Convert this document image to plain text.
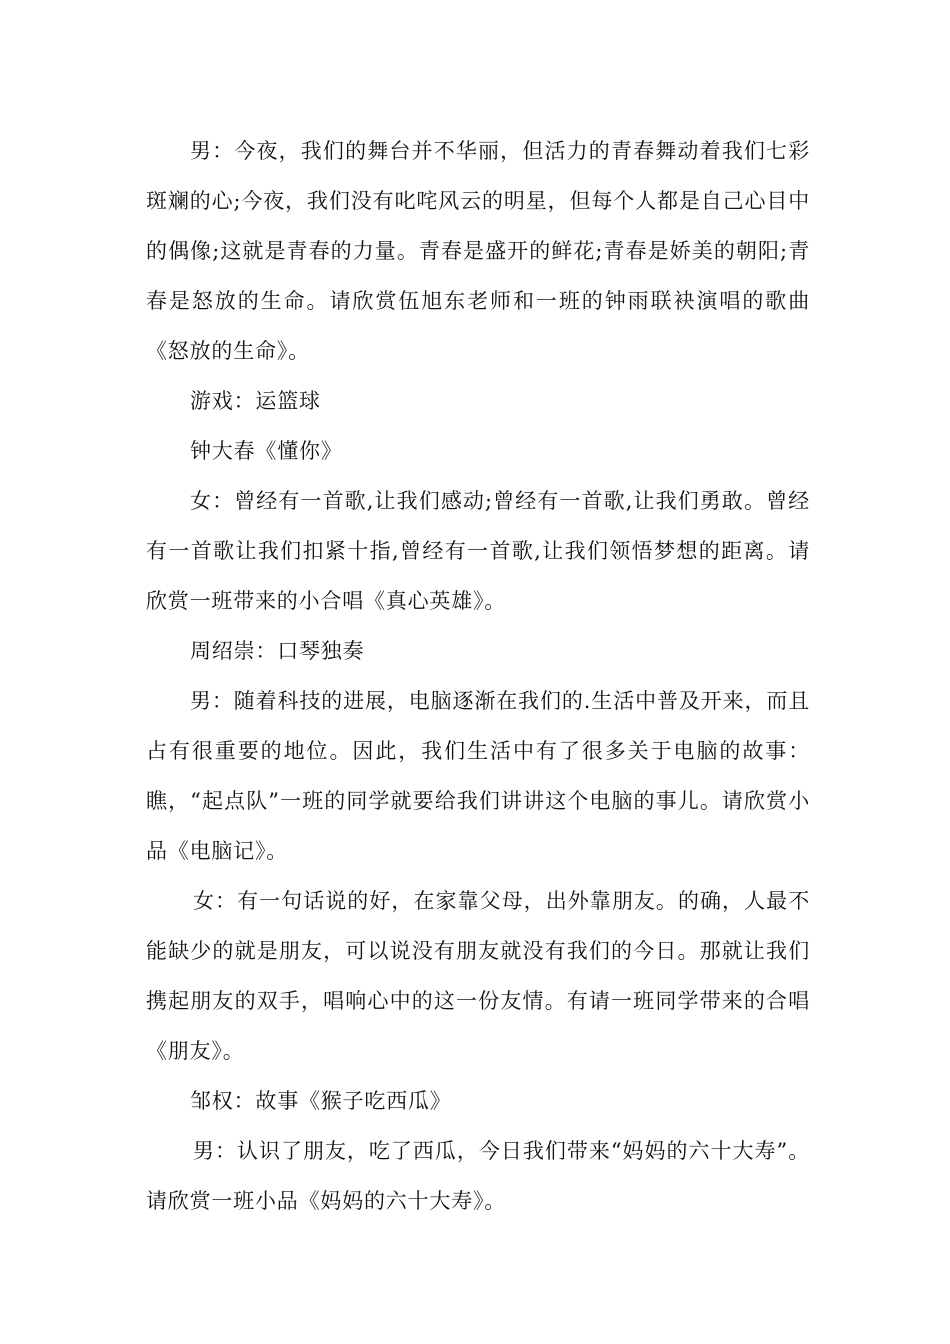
男：今夜，我们的舞台并不华丽，但活力的青春舞动着我们七彩斑斓的心;今夜，我们没有叱咤风云的明星，但每个人都是自己心目中的偶像;这就是青春的力量。青春是盛开的鲜花;青春是娇美的朝阳;青春是怒放的生命。请欣赏伍旭东老师和一班的钟雨联袂演唱的歌曲《怒放的生命》。

游戏：运篮球

钟大春《懂你》

女：曾经有一首歌,让我们感动;曾经有一首歌,让我们勇敢。曾经有一首歌让我们扣紧十指,曾经有一首歌,让我们领悟梦想的距离。请欣赏一班带来的小合唱《真心英雄》。

周绍崇：口琴独奏

男：随着科技的进展，电脑逐渐在我们的.生活中普及开来，而且占有很重要的地位。因此，我们生活中有了很多关于电脑的故事：瞧，“起点队”一班的同学就要给我们讲讲这个电脑的事儿。请欣赏小品《电脑记》。

女：有一句话说的好，在家靠父母，出外靠朋友。的确，人最不能缺少的就是朋友，可以说没有朋友就没有我们的今日。那就让我们携起朋友的双手，唱响心中的这一份友情。有请一班同学带来的合唱《朋友》。

邹权：故事《猴子吃西瓜》

男：认识了朋友，吃了西瓜，今日我们带来“妈妈的六十大寿”。请欣赏一班小品《妈妈的六十大寿》。
